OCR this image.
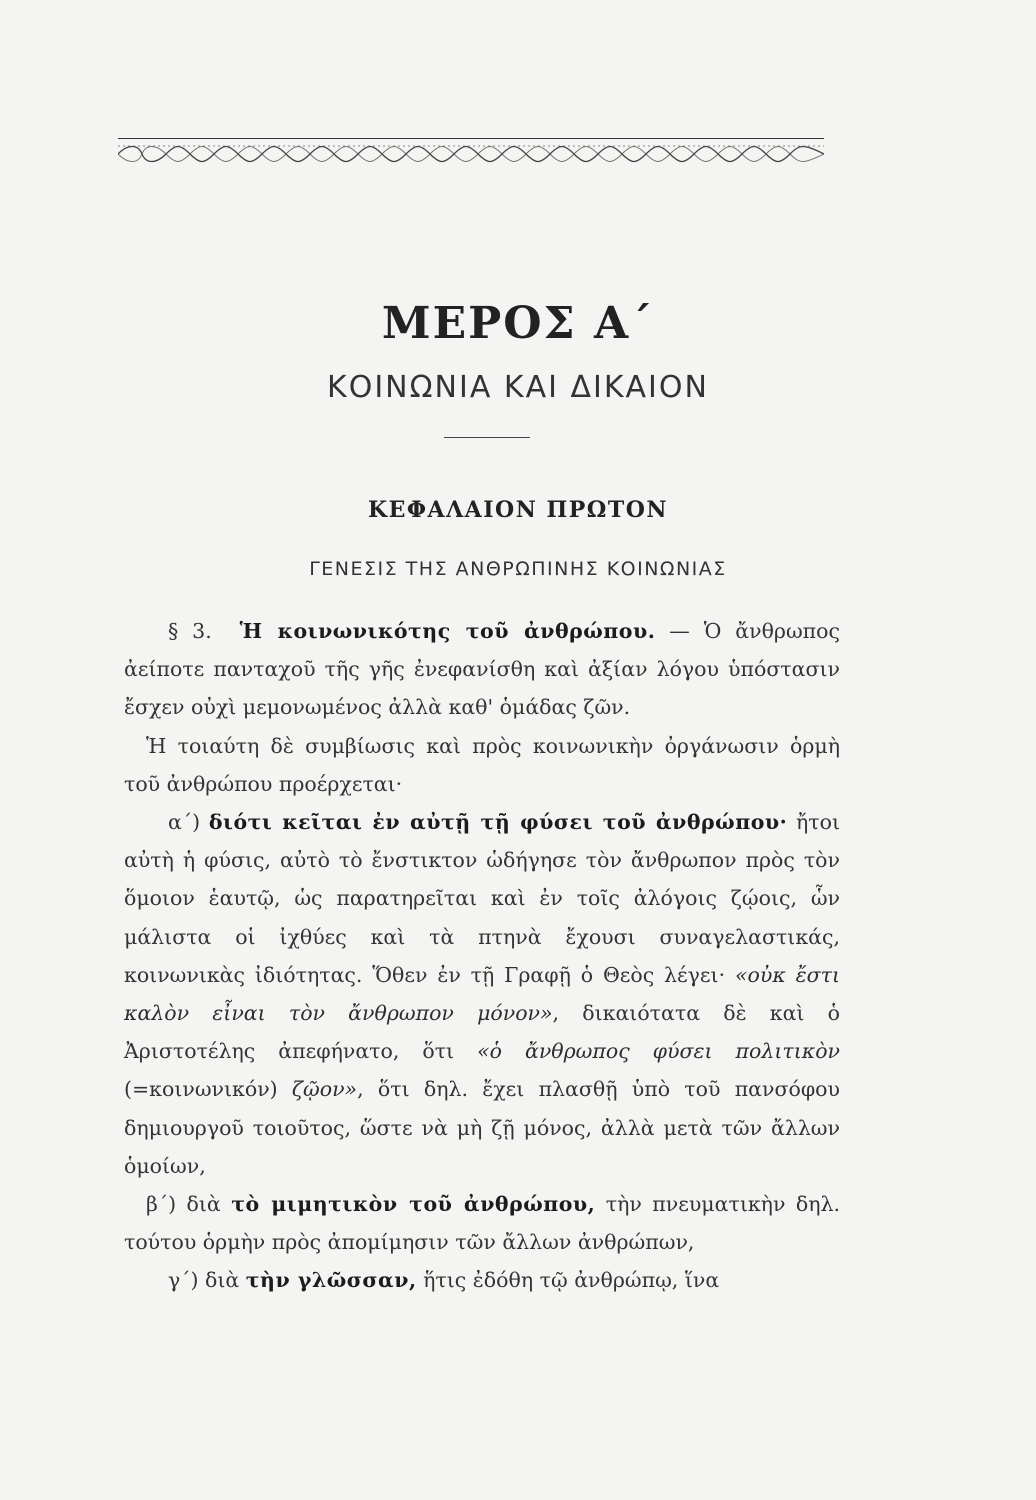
ΜΕΡΟΣ Α΄
ΚΟΙΝΩΝΙΑ ΚΑΙ ΔΙΚΑΙΟΝ
ΚΕΦΑΛΑΙΟΝ ΠΡΩΤΟΝ
ΓΕΝΕΣΙΣ ΤΗΣ ΑΝΘΡΩΠΙΝΗΣ ΚΟΙΝΩΝΙΑΣ

§ 3. Ἡ κοινωνικότης τοῦ ἀνθρώπου. — Ὁ ἄνθρωπος ἀείποτε πανταχοῦ τῆς γῆς ἐνεφανίσθη καὶ ἀξίαν λόγου ὑπόστασιν ἔσχεν οὐχὶ μεμονωμένος ἀλλὰ καθ' ὁμάδας ζῶν.

Ἡ τοιαύτη δὲ συμβίωσις καὶ πρὸς κοινωνικὴν ὀργάνωσιν ὁρμὴ τοῦ ἀνθρώπου προέρχεται·

α΄) διότι κεῖται ἐν αὐτῇ τῇ φύσει τοῦ ἀνθρώπου· ἤτοι αὐτὴ ἡ φύσις, αὐτὸ τὸ ἔνστικτον ὡδήγησε τὸν ἄνθρωπον πρὸς τὸν ὅμοιον ἑαυτῷ, ὡς παρατηρεῖται καὶ ἐν τοῖς ἀλόγοις ζῴοις, ὧν μάλιστα οἱ ἰχθύες καὶ τὰ πτηνὰ ἔχουσι συναγελαστικάς, κοινωνικὰς ἰδιότητας. Ὅθεν ἐν τῇ Γραφῇ ὁ Θεὸς λέγει· «οὐκ ἔστι καλὸν εἶναι τὸν ἄνθρωπον μόνον», δικαιότατα δὲ καὶ ὁ Ἀριστοτέλης ἀπεφήνατο, ὅτι «ὁ ἄνθρωπος φύσει πολιτικὸν (=κοινωνικόν) ζῷον», ὅτι δηλ. ἔχει πλασθῇ ὑπὸ τοῦ πανσόφου δημιουργοῦ τοιοῦτος, ὥστε νὰ μὴ ζῇ μόνος, ἀλλὰ μετὰ τῶν ἄλλων ὁμοίων,

β΄) διὰ τὸ μιμητικὸν τοῦ ἀνθρώπου, τὴν πνευματικὴν δηλ. τούτου ὁρμὴν πρὸς ἀπομίμησιν τῶν ἄλλων ἀνθρώπων,

γ΄) διὰ τὴν γλῶσσαν, ἥτις ἐδόθη τῷ ἀνθρώπῳ, ἵνα
